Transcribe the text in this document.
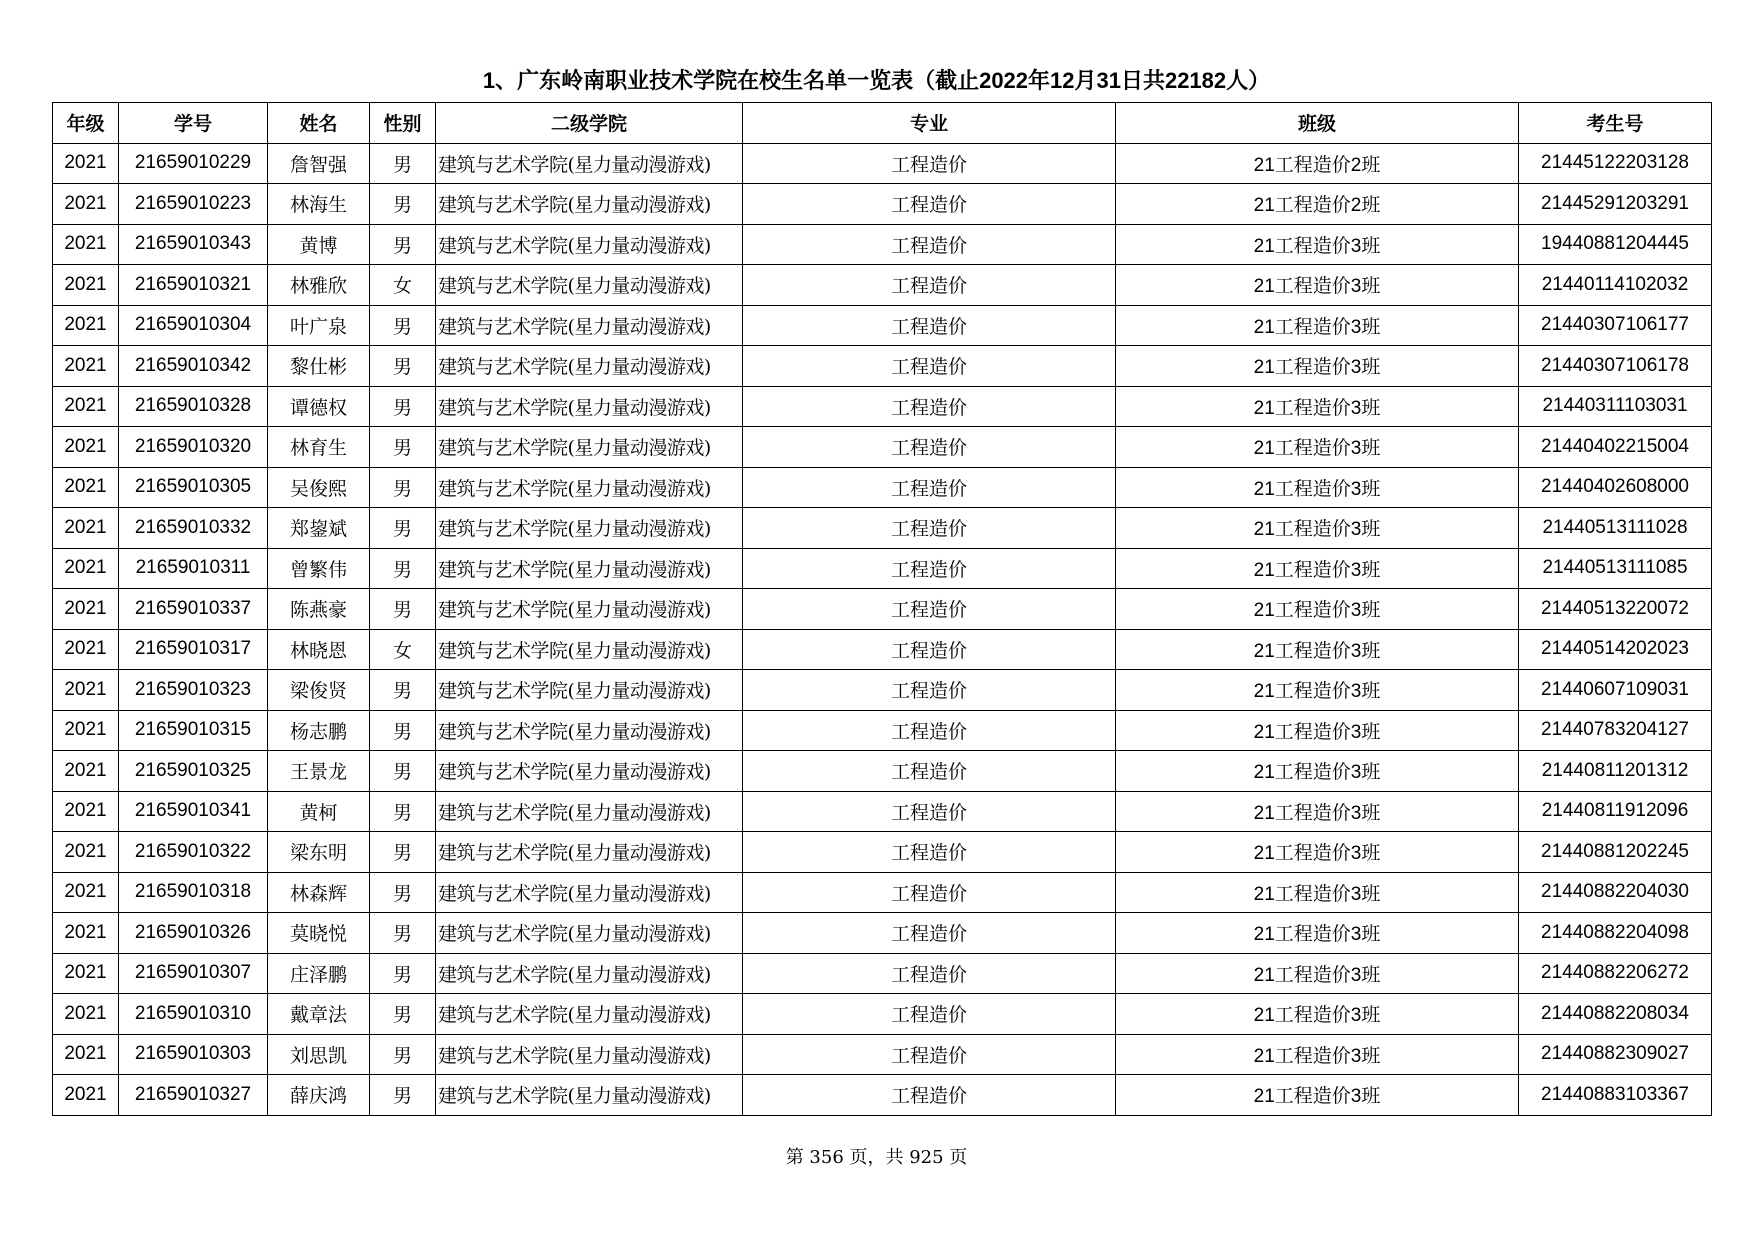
1、广东岭南职业技术学院在校生名单一览表（截止2022年12月31日共22182人）
年级	学号	姓名	性别	二级学院	专业	班级	考生号
2021	21659010229	詹智强	男	建筑与艺术学院(星力量动漫游戏)	工程造价	21工程造价2班	21445122203128
2021	21659010223	林海生	男	建筑与艺术学院(星力量动漫游戏)	工程造价	21工程造价2班	21445291203291
2021	21659010343	黄博	男	建筑与艺术学院(星力量动漫游戏)	工程造价	21工程造价3班	19440881204445
2021	21659010321	林雅欣	女	建筑与艺术学院(星力量动漫游戏)	工程造价	21工程造价3班	21440114102032
2021	21659010304	叶广泉	男	建筑与艺术学院(星力量动漫游戏)	工程造价	21工程造价3班	21440307106177
2021	21659010342	黎仕彬	男	建筑与艺术学院(星力量动漫游戏)	工程造价	21工程造价3班	21440307106178
2021	21659010328	谭德权	男	建筑与艺术学院(星力量动漫游戏)	工程造价	21工程造价3班	21440311103031
2021	21659010320	林育生	男	建筑与艺术学院(星力量动漫游戏)	工程造价	21工程造价3班	21440402215004
2021	21659010305	吴俊熙	男	建筑与艺术学院(星力量动漫游戏)	工程造价	21工程造价3班	21440402608000
2021	21659010332	郑鋆斌	男	建筑与艺术学院(星力量动漫游戏)	工程造价	21工程造价3班	21440513111028
2021	21659010311	曾繁伟	男	建筑与艺术学院(星力量动漫游戏)	工程造价	21工程造价3班	21440513111085
2021	21659010337	陈燕豪	男	建筑与艺术学院(星力量动漫游戏)	工程造价	21工程造价3班	21440513220072
2021	21659010317	林晓恩	女	建筑与艺术学院(星力量动漫游戏)	工程造价	21工程造价3班	21440514202023
2021	21659010323	梁俊贤	男	建筑与艺术学院(星力量动漫游戏)	工程造价	21工程造价3班	21440607109031
2021	21659010315	杨志鹏	男	建筑与艺术学院(星力量动漫游戏)	工程造价	21工程造价3班	21440783204127
2021	21659010325	王景龙	男	建筑与艺术学院(星力量动漫游戏)	工程造价	21工程造价3班	21440811201312
2021	21659010341	黄柯	男	建筑与艺术学院(星力量动漫游戏)	工程造价	21工程造价3班	21440811912096
2021	21659010322	梁东明	男	建筑与艺术学院(星力量动漫游戏)	工程造价	21工程造价3班	21440881202245
2021	21659010318	林森辉	男	建筑与艺术学院(星力量动漫游戏)	工程造价	21工程造价3班	21440882204030
2021	21659010326	莫晓悦	男	建筑与艺术学院(星力量动漫游戏)	工程造价	21工程造价3班	21440882204098
2021	21659010307	庄泽鹏	男	建筑与艺术学院(星力量动漫游戏)	工程造价	21工程造价3班	21440882206272
2021	21659010310	戴章法	男	建筑与艺术学院(星力量动漫游戏)	工程造价	21工程造价3班	21440882208034
2021	21659010303	刘思凯	男	建筑与艺术学院(星力量动漫游戏)	工程造价	21工程造价3班	21440882309027
2021	21659010327	薛庆鸿	男	建筑与艺术学院(星力量动漫游戏)	工程造价	21工程造价3班	21440883103367
第 356 页，共 925 页
